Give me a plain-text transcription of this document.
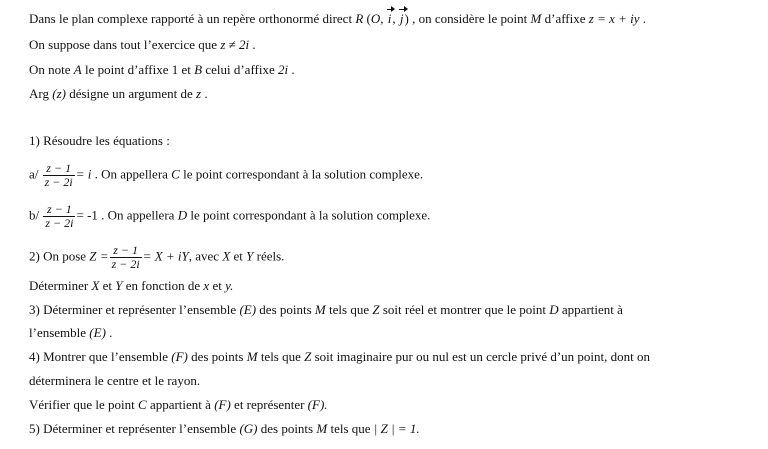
Dans le plan complexe rapporté à un repère orthonormé direct R (O, i, j) , on considère le point M d’affixe z = x + iy .
On suppose dans tout l’exercice que z ≠ 2i .
On note A le point d’affixe 1 et B celui d’affixe 2i .
Arg (z) désigne un argument de z .
1) Résoudre les équations :
$a/ \frac{z - 1}{z - 2i} = i$ . On appellera C le point correspondant à la solution complexe.
$b/ \frac{z - 1}{z - 2i} = -1$ . On appellera D le point correspondant à la solution complexe.
2) On pose $Z = \frac{z - 1}{z - 2i} = X$ + iY, avec X et Y réels.
Déterminer X et Y en fonction de x et y.
3) Déterminer et représenter l’ensemble (E) des points M tels que Z soit réel et montrer que le point D appartient à
l’ensemble (E) .
4) Montrer que l’ensemble (F) des points M tels que Z soit imaginaire pur ou nul est un cercle privé d’un point, dont on
déterminera le centre et le rayon.
Vérifier que le point C appartient à (F) et représenter (F).
5) Déterminer et représenter l’ensemble (G) des points M tels que | Z | = 1.
